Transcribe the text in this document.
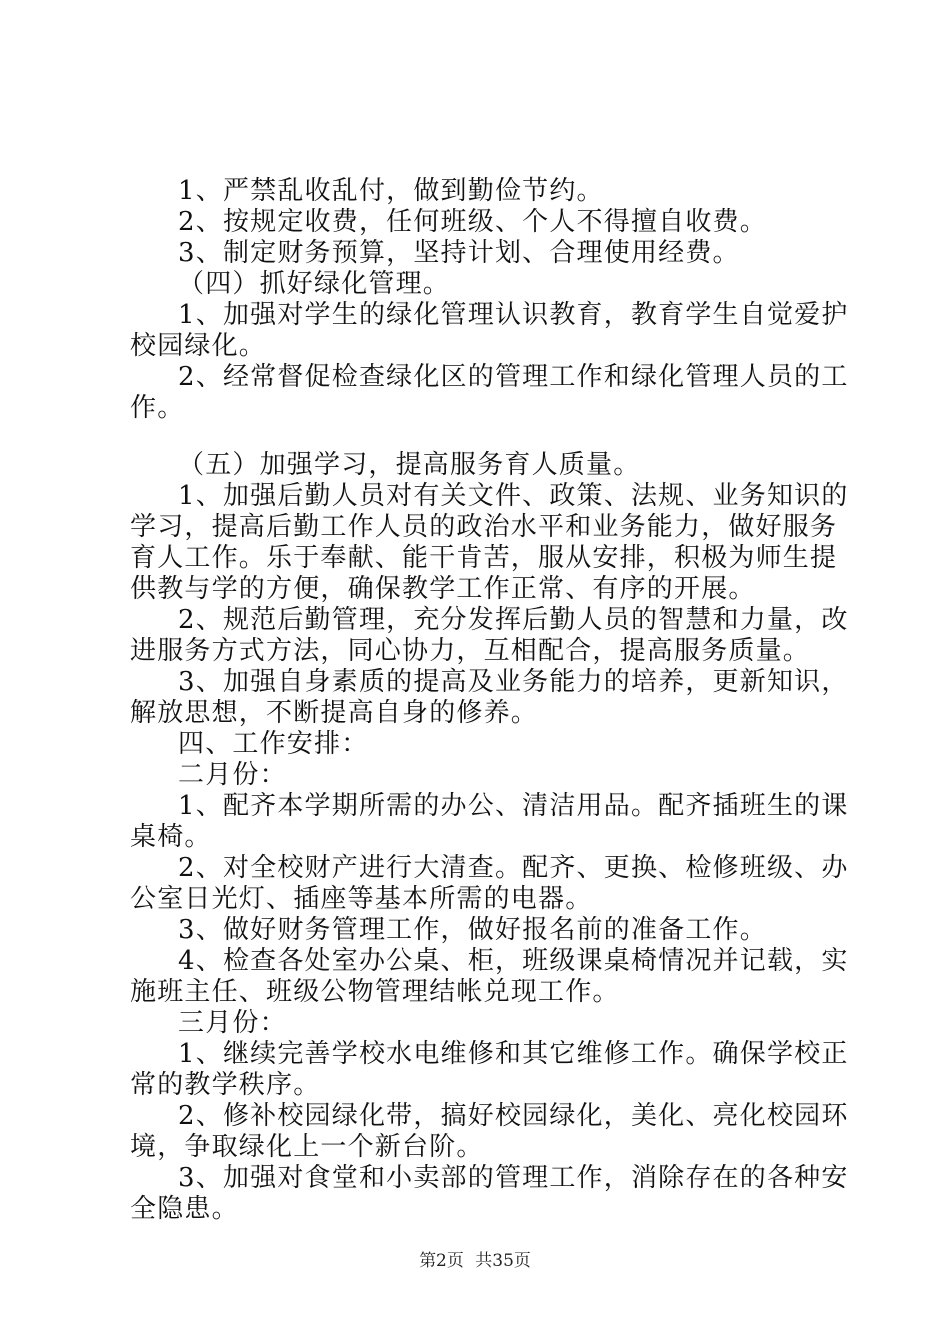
1、严禁乱收乱付，做到勤俭节约。

2、按规定收费，任何班级、个人不得擅自收费。

3、制定财务预算，坚持计划、合理使用经费。

（四）抓好绿化管理。

1、加强对学生的绿化管理认识教育，教育学生自觉爱护校园绿化。

2、经常督促检查绿化区的管理工作和绿化管理人员的工作。

（五）加强学习，提高服务育人质量。

1、加强后勤人员对有关文件、政策、法规、业务知识的学习，提高后勤工作人员的政治水平和业务能力，做好服务育人工作。乐于奉献、能干肯苦，服从安排，积极为师生提供教与学的方便，确保教学工作正常、有序的开展。

2、规范后勤管理，充分发挥后勤人员的智慧和力量，改进服务方式方法，同心协力，互相配合，提高服务质量。

3、加强自身素质的提高及业务能力的培养，更新知识，解放思想，不断提高自身的修养。

四、工作安排：

二月份：

1、配齐本学期所需的办公、清洁用品。配齐插班生的课桌椅。

2、对全校财产进行大清查。配齐、更换、检修班级、办公室日光灯、插座等基本所需的电器。

3、做好财务管理工作，做好报名前的准备工作。

4、检查各处室办公桌、柜，班级课桌椅情况并记载，实施班主任、班级公物管理结帐兑现工作。

三月份：

1、继续完善学校水电维修和其它维修工作。确保学校正常的教学秩序。

2、修补校园绿化带，搞好校园绿化，美化、亮化校园环境，争取绿化上一个新台阶。

3、加强对食堂和小卖部的管理工作，消除存在的各种安全隐患。

第2页 共35页
